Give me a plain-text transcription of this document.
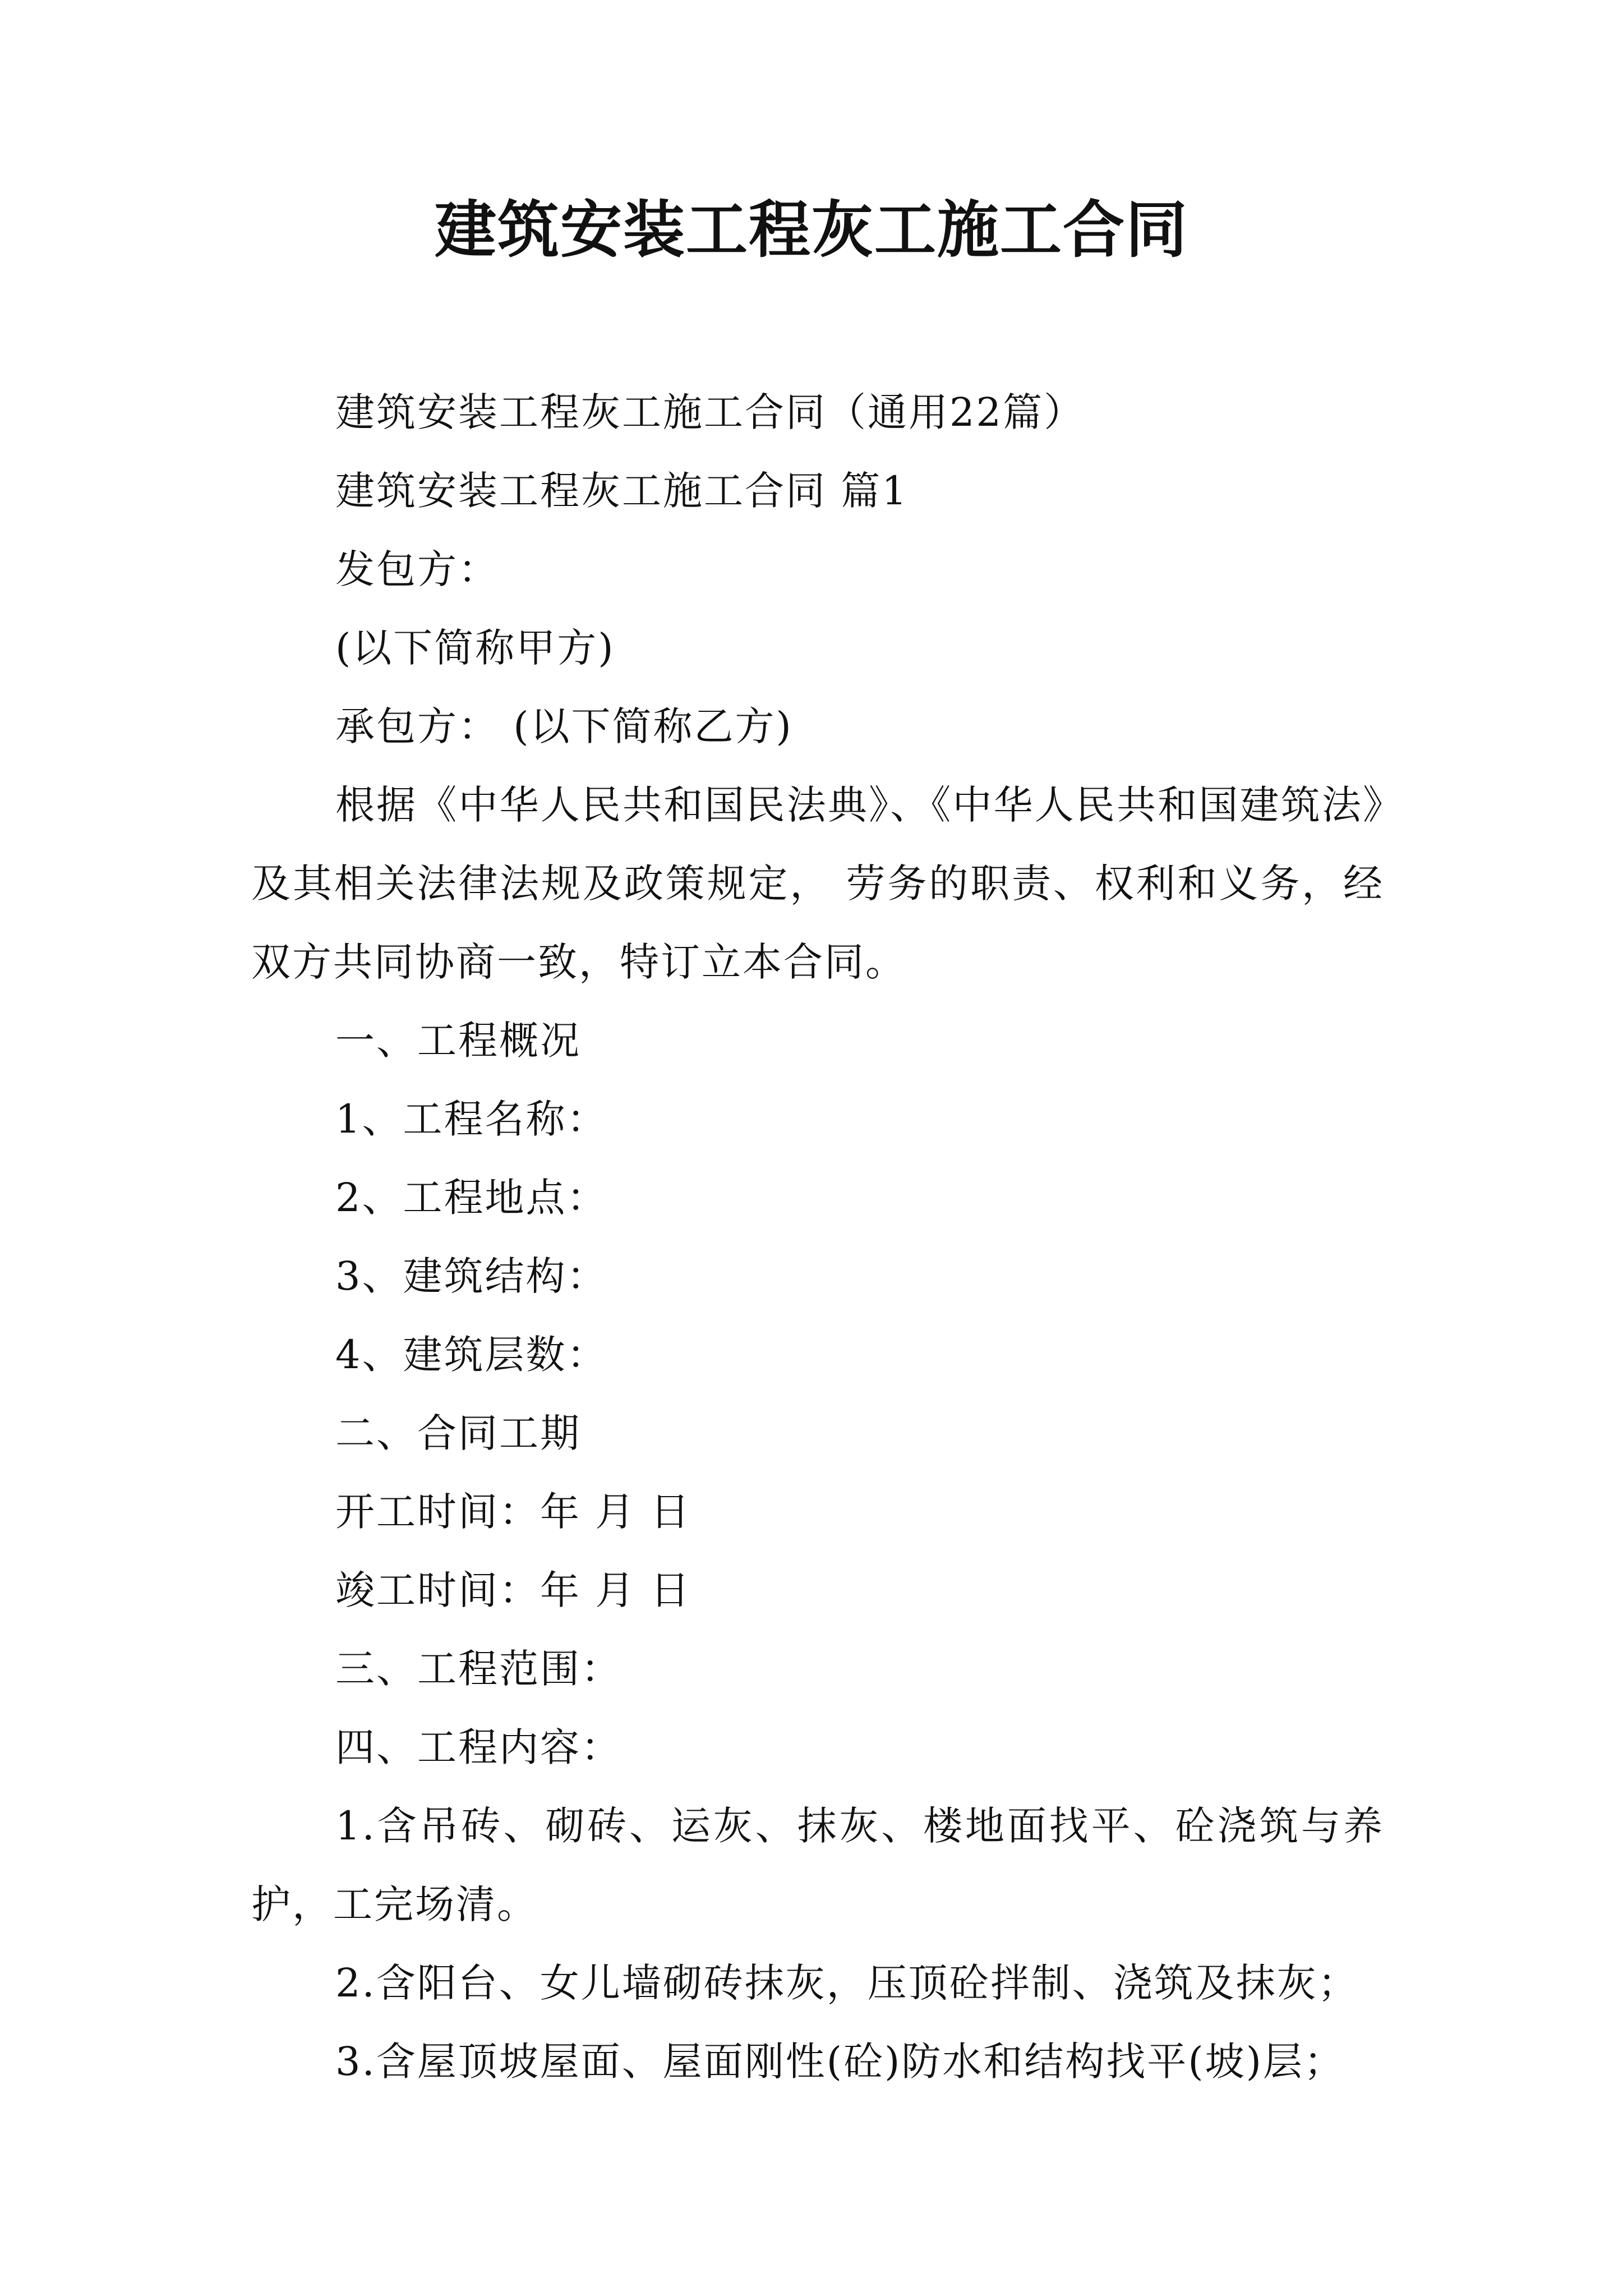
建筑安装工程灰工施工合同

建筑安装工程灰工施工合同（通用22篇）

建筑安装工程灰工施工合同 篇1

发包方：

(以下简称甲方)

承包方： (以下简称乙方)

根据《中华人民共和国民法典》、《中华人民共和国建筑法》及其相关法律法规及政策规定， 劳务的职责、权利和义务，经双方共同协商一致，特订立本合同。

一、工程概况

1、工程名称：

2、工程地点：

3、建筑结构：

4、建筑层数：

二、合同工期

开工时间：年 月 日

竣工时间：年 月 日

三、工程范围：

四、工程内容：

1.含吊砖、砌砖、运灰、抹灰、楼地面找平、砼浇筑与养护，工完场清。

2.含阳台、女儿墙砌砖抹灰，压顶砼拌制、浇筑及抹灰；

3.含屋顶坡屋面、屋面刚性(砼)防水和结构找平(坡)层；
